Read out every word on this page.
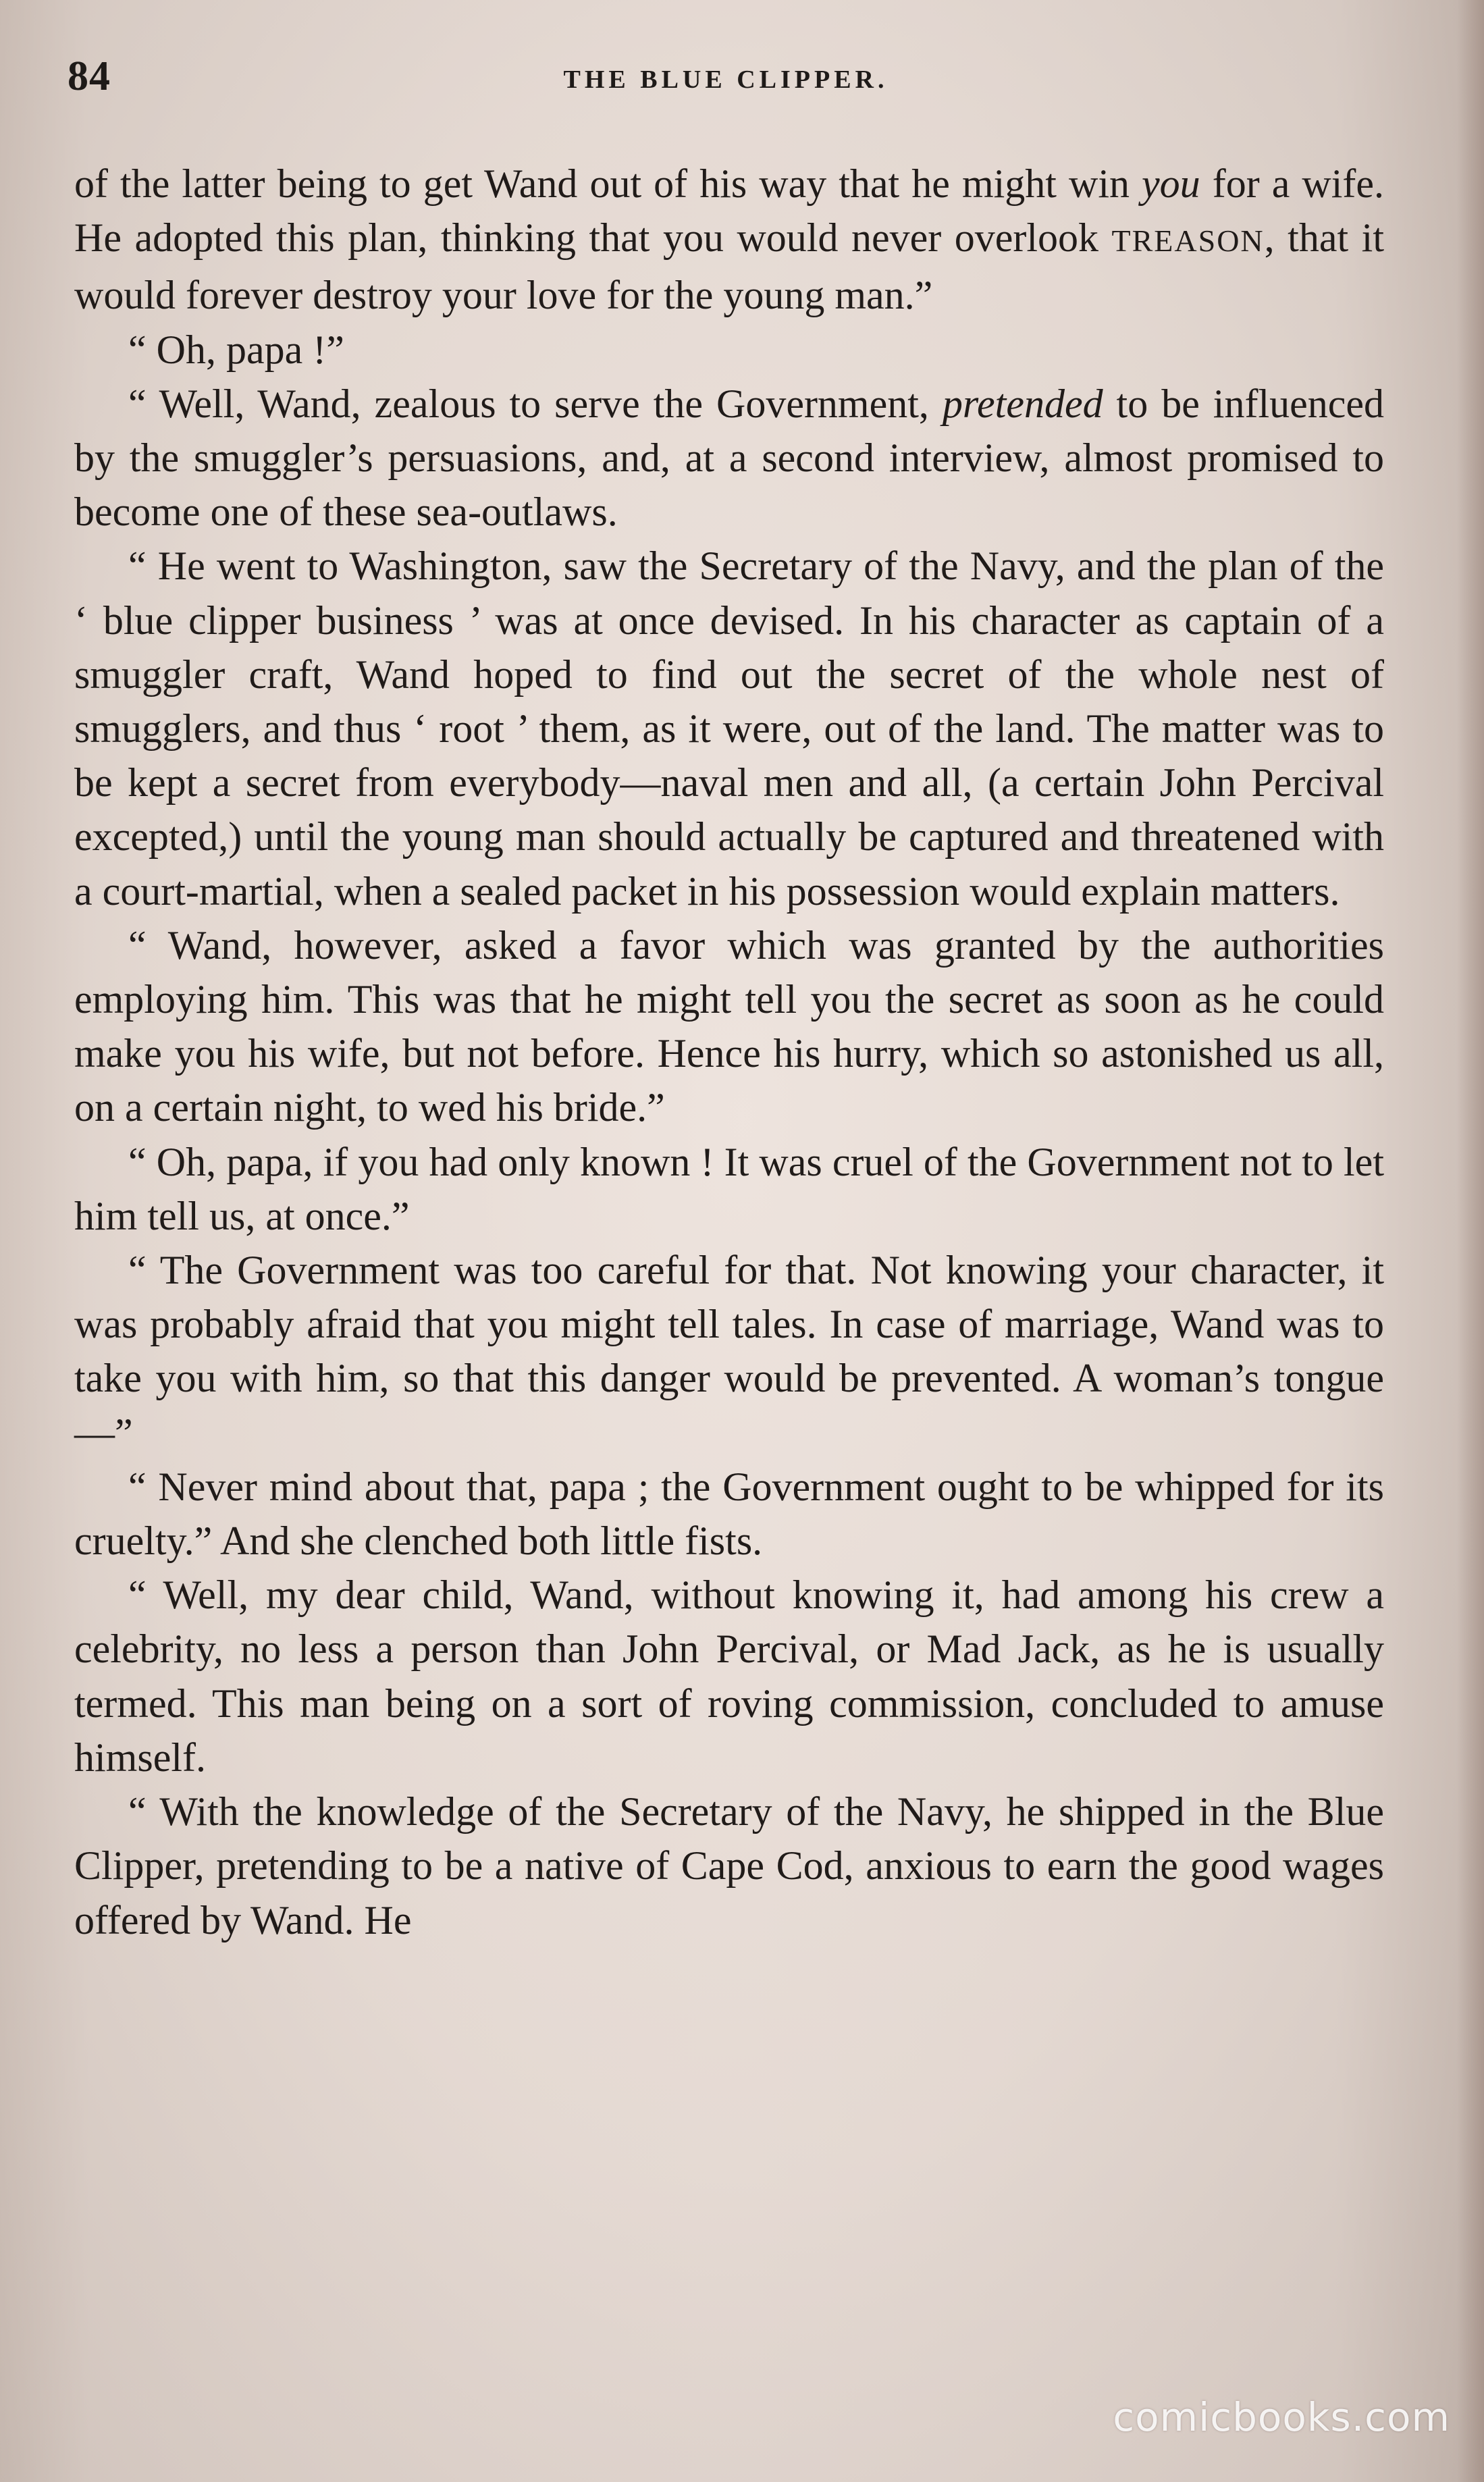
84	THE BLUE CLIPPER.

of the latter being to get Wand out of his way that he might win you for a wife. He adopted this plan, thinking that you would never overlook TREASON, that it would forever destroy your love for the young man.”

“ Oh, papa !”

“ Well, Wand, zealous to serve the Government, pretended to be influenced by the smuggler’s persuasions, and, at a second interview, almost promised to become one of these sea-outlaws.

“ He went to Washington, saw the Secretary of the Navy, and the plan of the ‘ blue clipper business ’ was at once devised. In his character as captain of a smuggler craft, Wand hoped to find out the secret of the whole nest of smugglers, and thus ‘ root ’ them, as it were, out of the land. The matter was to be kept a secret from everybody—naval men and all, (a certain John Percival excepted,) until the young man should actually be captured and threatened with a court-martial, when a sealed packet in his possession would explain matters.

“ Wand, however, asked a favor which was granted by the authorities employing him. This was that he might tell you the secret as soon as he could make you his wife, but not before. Hence his hurry, which so astonished us all, on a certain night, to wed his bride.”

“ Oh, papa, if you had only known ! It was cruel of the Government not to let him tell us, at once.”

“ The Government was too careful for that. Not knowing your character, it was probably afraid that you might tell tales. In case of marriage, Wand was to take you with him, so that this danger would be prevented. A woman’s tongue—”

“ Never mind about that, papa ; the Government ought to be whipped for its cruelty.” And she clenched both little fists.

“ Well, my dear child, Wand, without knowing it, had among his crew a celebrity, no less a person than John Percival, or Mad Jack, as he is usually termed. This man being on a sort of roving commission, concluded to amuse himself.

“ With the knowledge of the Secretary of the Navy, he shipped in the Blue Clipper, pretending to be a native of Cape Cod, anxious to earn the good wages offered by Wand. He

comicbooks.com
